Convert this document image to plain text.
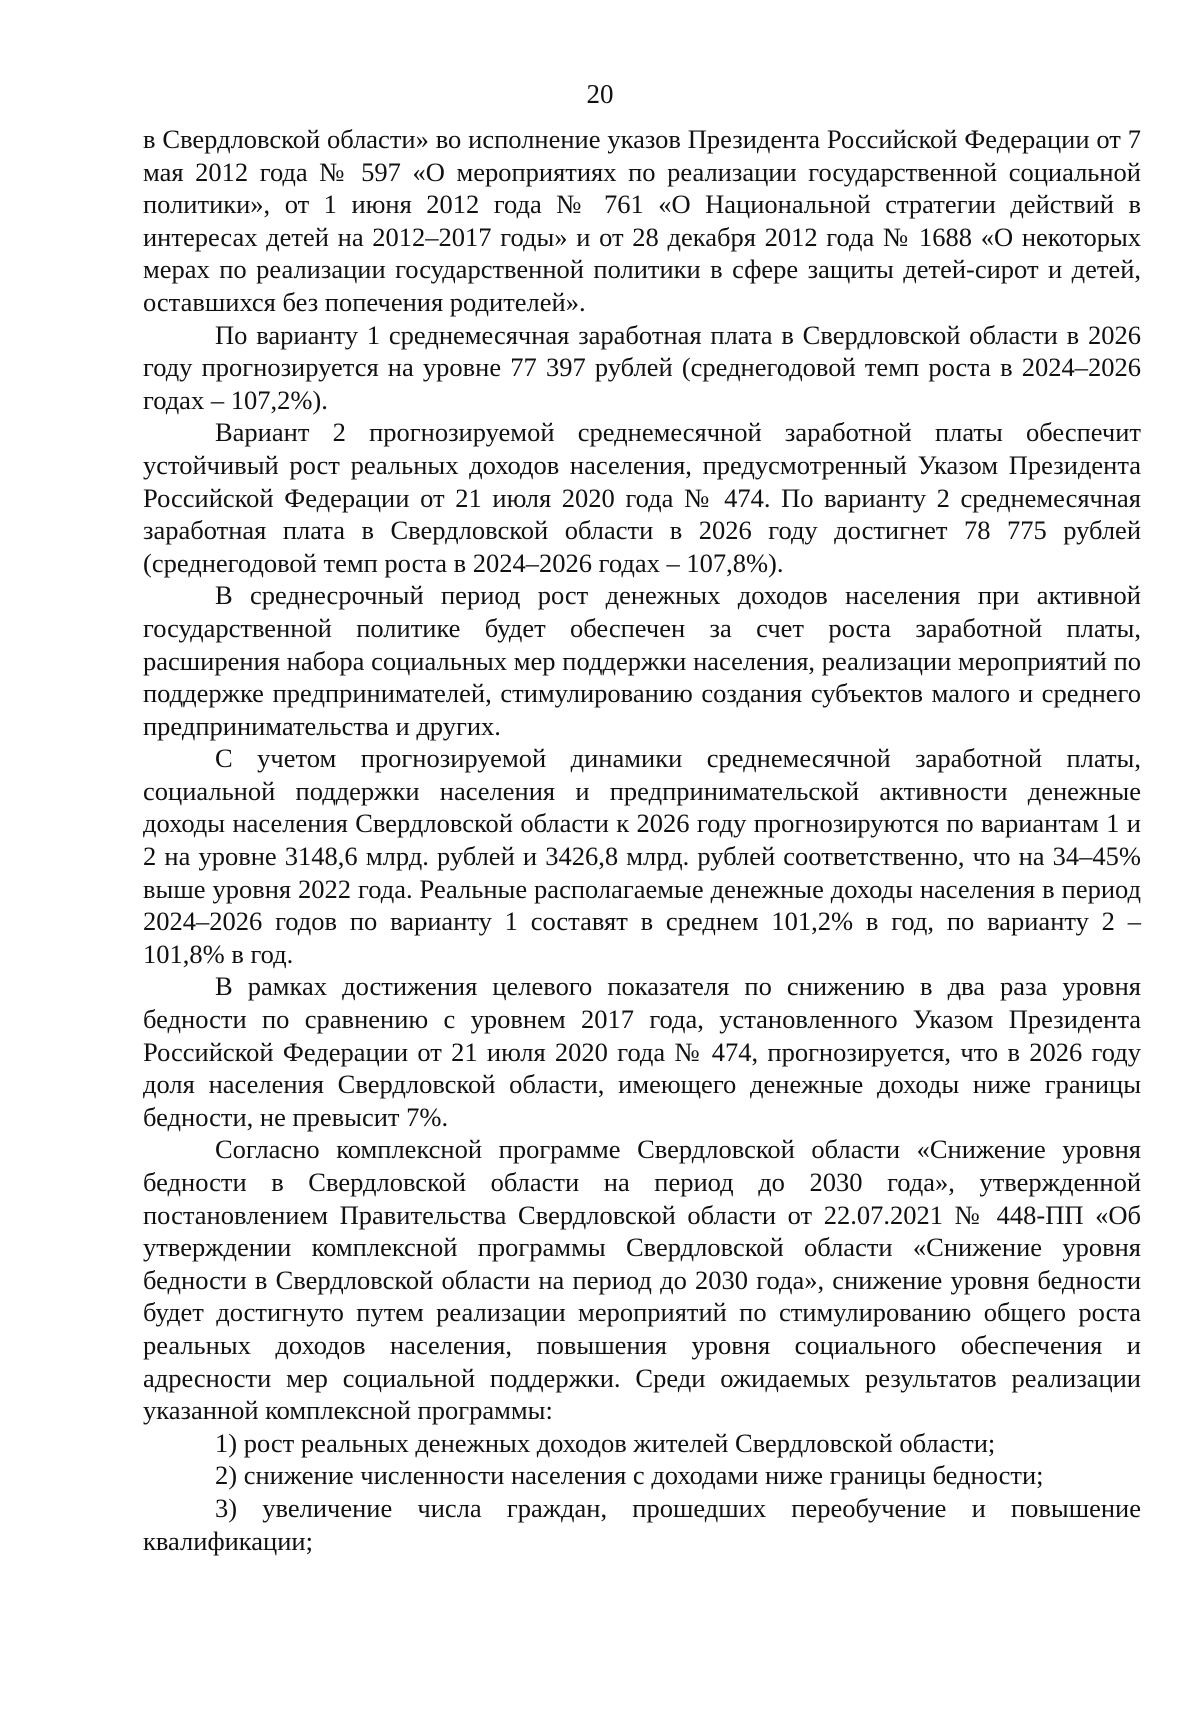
20

в Свердловской области» во исполнение указов Президента Российской Федерации от 7 мая 2012 года № 597 «О мероприятиях по реализации государственной социальной политики», от 1 июня 2012 года № 761 «О Национальной стратегии действий в интересах детей на 2012–2017 годы» и от 28 декабря 2012 года № 1688 «О некоторых мерах по реализации государственной политики в сфере защиты детей-сирот и детей, оставшихся без попечения родителей».

По варианту 1 среднемесячная заработная плата в Свердловской области в 2026 году прогнозируется на уровне 77 397 рублей (среднегодовой темп роста в 2024–2026 годах – 107,2%).

Вариант 2 прогнозируемой среднемесячной заработной платы обеспечит устойчивый рост реальных доходов населения, предусмотренный Указом Президента Российской Федерации от 21 июля 2020 года № 474. По варианту 2 среднемесячная заработная плата в Свердловской области в 2026 году достигнет 78 775 рублей (среднегодовой темп роста в 2024–2026 годах – 107,8%).

В среднесрочный период рост денежных доходов населения при активной государственной политике будет обеспечен за счет роста заработной платы, расширения набора социальных мер поддержки населения, реализации мероприятий по поддержке предпринимателей, стимулированию создания субъектов малого и среднего предпринимательства и других.

С учетом прогнозируемой динамики среднемесячной заработной платы, социальной поддержки населения и предпринимательской активности денежные доходы населения Свердловской области к 2026 году прогнозируются по вариантам 1 и 2 на уровне 3148,6 млрд. рублей и 3426,8 млрд. рублей соответственно, что на 34–45% выше уровня 2022 года. Реальные располагаемые денежные доходы населения в период 2024–2026 годов по варианту 1 составят в среднем 101,2% в год, по варианту 2 – 101,8% в год.

В рамках достижения целевого показателя по снижению в два раза уровня бедности по сравнению с уровнем 2017 года, установленного Указом Президента Российской Федерации от 21 июля 2020 года № 474, прогнозируется, что в 2026 году доля населения Свердловской области, имеющего денежные доходы ниже границы бедности, не превысит 7%.

Согласно комплексной программе Свердловской области «Снижение уровня бедности в Свердловской области на период до 2030 года», утвержденной постановлением Правительства Свердловской области от 22.07.2021 № 448-ПП «Об утверждении комплексной программы Свердловской области «Снижение уровня бедности в Свердловской области на период до 2030 года», снижение уровня бедности будет достигнуто путем реализации мероприятий по стимулированию общего роста реальных доходов населения, повышения уровня социального обеспечения и адресности мер социальной поддержки. Среди ожидаемых результатов реализации указанной комплексной программы:

1) рост реальных денежных доходов жителей Свердловской области;

2) снижение численности населения с доходами ниже границы бедности;

3) увеличение числа граждан, прошедших переобучение и повышение квалификации;
